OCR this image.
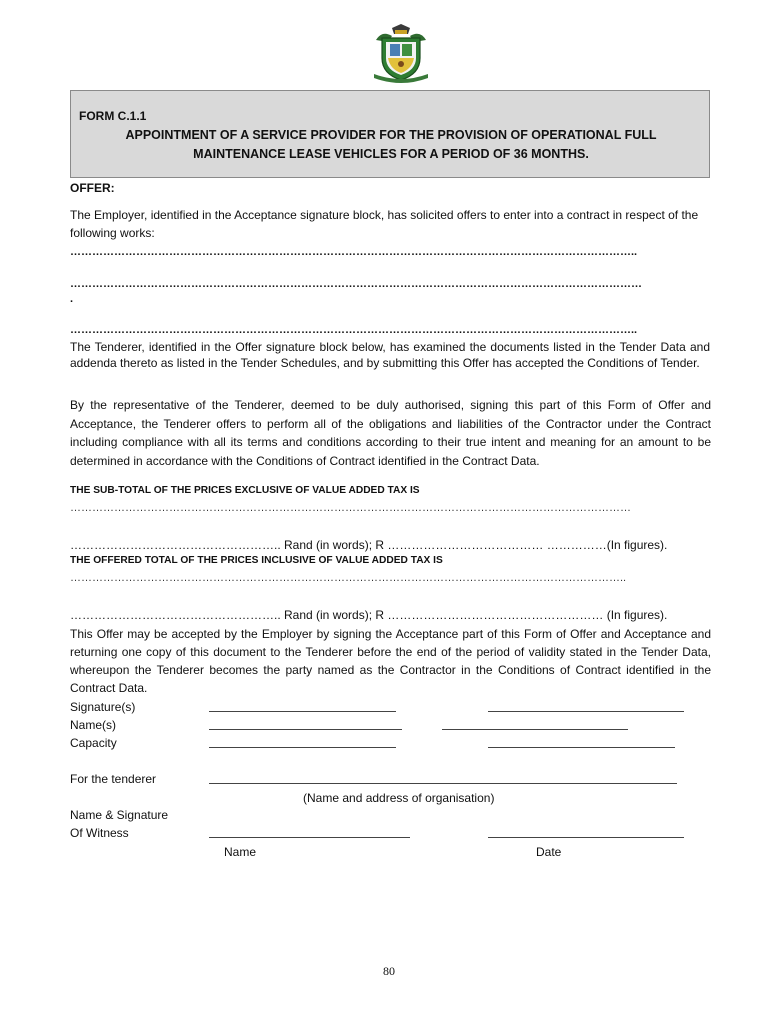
FORM C.1.1
APPOINTMENT OF A SERVICE PROVIDER FOR THE PROVISION OF OPERATIONAL FULL
MAINTENANCE LEASE VEHICLES FOR A PERIOD OF 36 MONTHS.
OFFER:
The Employer, identified in the Acceptance signature block, has solicited offers to enter into a contract in respect of the following works:
………………………………………………………………………………………………………………………………………..
…………………………………………………………………………………………………………………………………………
.
………………………………………………………………………………………………………………………………………..
The Tenderer, identified in the Offer signature block below, has examined the documents listed in the Tender Data and addenda thereto as listed in the Tender Schedules, and by submitting this Offer has accepted the Conditions of Tender.
By the representative of the Tenderer, deemed to be duly authorised, signing this part of this Form of Offer and Acceptance, the Tenderer offers to perform all of the obligations and liabilities of the Contractor under the Contract including compliance with all its terms and conditions according to their true intent and meaning for an amount to be determined in accordance with the Conditions of Contract identified in the Contract Data.
THE SUB-TOTAL OF THE PRICES EXCLUSIVE OF VALUE ADDED TAX IS
………………………………………………………………………………………………………………………………………
…………………………………………….. Rand (in words); R ………………………………… ……………(In figures).
THE OFFERED TOTAL OF THE PRICES INCLUSIVE OF VALUE ADDED TAX IS
……………………………………………………………………………………………………………………………………..
…………………………………………….. Rand (in words); R ……………………………………………… (In figures).
This Offer may be accepted by the Employer by signing the Acceptance part of this Form of Offer and Acceptance and returning one copy of this document to the Tenderer before the end of the period of validity stated in the Tender Data, whereupon the Tenderer becomes the party named as the Contractor in the Conditions of Contract identified in the Contract Data.
Signature(s)
Name(s)
Capacity
For the tenderer
(Name and address of organisation)
Name & Signature
Of Witness
Name	Date
80
